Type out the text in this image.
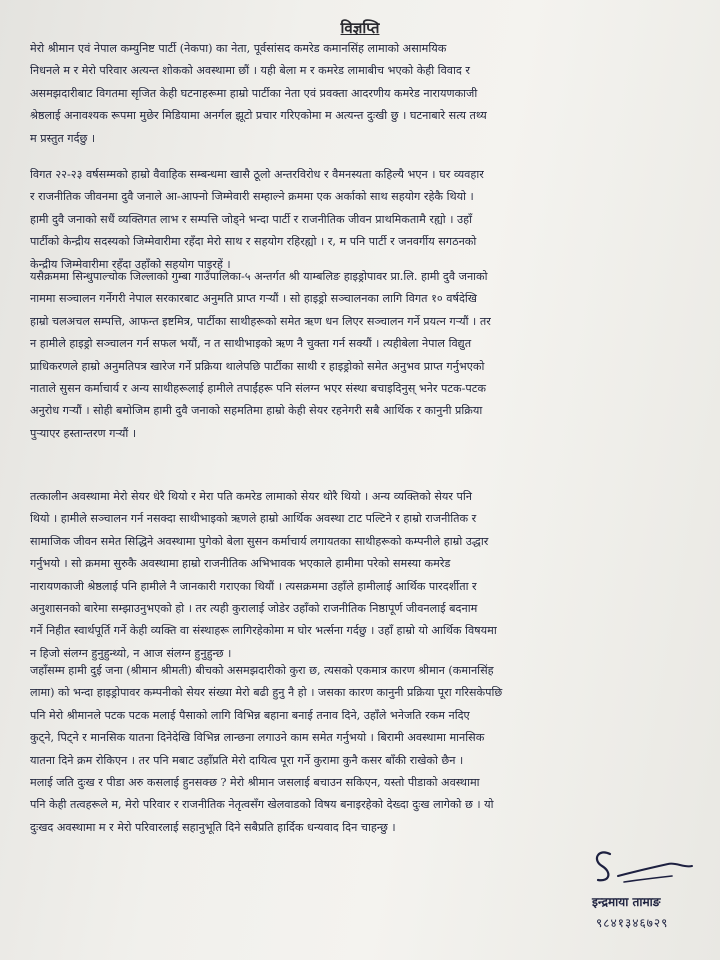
विज्ञप्ति
मेरो श्रीमान एवं नेपाल कम्युनिष्ट पार्टी (नेकपा) का नेता, पूर्वसांसद कमरेड कमानसिंह लामाको असामयिक
निधनले म र मेरो परिवार अत्यन्त शोकको अवस्थामा छौं । यही बेला म र कमरेड लामाबीच भएको केही विवाद र
असमझदारीबाट विगतमा सृजित केही घटनाहरूमा हाम्रो पार्टीका नेता एवं प्रवक्ता आदरणीय कमरेड नारायणकाजी
श्रेष्ठलाई अनावश्यक रूपमा मुछेर मिडियामा अनर्गल झूटो प्रचार गरिएकोमा म अत्यन्त दुःखी छु । घटनाबारे सत्य तथ्य
म प्रस्तुत गर्दछु ।
विगत २२-२३ वर्षसम्मको हाम्रो वैवाहिक सम्बन्धमा खासै ठूलो अन्तरविरोध र वैमनस्यता कहिल्यै भएन । घर व्यवहार
र राजनीतिक जीवनमा दुवै जनाले आ-आफ्नो जिम्मेवारी सम्हाल्ने क्रममा एक अर्काको साथ सहयोग रहेकै थियो ।
हामी दुवै जनाको सधैं व्यक्तिगत लाभ र सम्पत्ति जोड्ने भन्दा पार्टी र राजनीतिक जीवन प्राथमिकतामै रह्यो । उहाँ
पार्टीको केन्द्रीय सदस्यको जिम्मेवारीमा रहँदा मेरो साथ र सहयोग रहिरह्यो । र, म पनि पार्टी र जनवर्गीय सगठनको
केन्द्रीय जिम्मेवारीमा रहँदा उहाँको सहयोग पाइरहें ।
यसैक्रममा सिन्धुपाल्चोक जिल्लाको गुम्बा गाउँपालिका-५ अन्तर्गत श्री याम्बलिङ हाइड्रोपावर प्रा.लि. हामी दुवै जनाको
नाममा सञ्चालन गर्नेगरी नेपाल सरकारबाट अनुमति प्राप्त गर्‍यौं । सो हाइड्रो सञ्चालनका लागि विगत १० वर्षदेखि
हाम्रो चलअचल सम्पत्ति, आफन्त इष्टमित्र, पार्टीका साथीहरूको समेत ऋण धन लिएर सञ्चालन गर्ने प्रयत्न गर्‍यौं । तर
न हामीले हाइड्रो सञ्चालन गर्न सफल भयौं, न त साथीभाइको ऋण नै चुक्ता गर्न सक्यौं । त्यहीबेला नेपाल विद्युत
प्राधिकरणले हाम्रो अनुमतिपत्र खारेज गर्ने प्रक्रिया थालेपछि पार्टीका साथी र हाइड्रोको समेत अनुभव प्राप्त गर्नुभएको
नाताले सुसन कर्माचार्य र अन्य साथीहरूलाई हामीले तपाईंहरू पनि संलग्न भएर संस्था बचाइदिनुस् भनेर पटक-पटक
अनुरोध गर्‍यौं । सोही बमोजिम हामी दुवै जनाको सहमतिमा हाम्रो केही सेयर रहनेगरी सबै आर्थिक र कानुनी प्रक्रिया
पुर्‍याएर हस्तान्तरण गर्‍यौं ।
तत्कालीन अवस्थामा मेरो सेयर धेरै थियो र मेरा पति कमरेड लामाको सेयर थोरै थियो । अन्य व्यक्तिको सेयर पनि
थियो । हामीले सञ्चालन गर्न नसक्दा साथीभाइको ऋणले हाम्रो आर्थिक अवस्था टाट पल्टिने र हाम्रो राजनीतिक र
सामाजिक जीवन समेत सिद्धिने अवस्थामा पुगेको बेला सुसन कर्माचार्य लगायतका साथीहरूको कम्पनीले हाम्रो उद्धार
गर्नुभयो । सो क्रममा सुरुकै अवस्थामा हाम्रो राजनीतिक अभिभावक भएकाले हामीमा परेको समस्या कमरेड
नारायणकाजी श्रेष्ठलाई पनि हामीले नै जानकारी गराएका थियौं । त्यसक्रममा उहाँले हामीलाई आर्थिक पारदर्शीता र
अनुशासनको बारेमा सम्झाउनुभएको हो । तर त्यही कुरालाई जोडेर उहाँको राजनीतिक निष्ठापूर्ण जीवनलाई बदनाम
गर्ने निहीत स्वार्थपूर्ति गर्ने केही व्यक्ति वा संस्थाहरू लागिरहेकोमा म घोर भर्त्सना गर्दछु । उहाँ हाम्रो यो आर्थिक विषयमा
न हिजो संलग्न हुनुहुन्थ्यो, न आज संलग्न हुनुहुन्छ ।
जहाँसम्म हामी दुई जना (श्रीमान श्रीमती) बीचको असमझदारीको कुरा छ, त्यसको एकमात्र कारण श्रीमान (कमानसिंह
लामा) को भन्दा हाइड्रोपावर कम्पनीको सेयर संख्या मेरो बढी हुनु नै हो । जसका कारण कानुनी प्रक्रिया पूरा गरिसकेपछि
पनि मेरो श्रीमानले पटक पटक मलाई पैसाको लागि विभिन्न बहाना बनाई तनाव दिने, उहाँले भनेजति रकम नदिए
कुट्ने, पिट्ने र मानसिक यातना दिनेदेखि विभिन्न लान्छना लगाउने काम समेत गर्नुभयो । बिरामी अवस्थामा मानसिक
यातना दिने क्रम रोकिएन । तर पनि मबाट उहाँप्रति मेरो दायित्व पूरा गर्ने कुरामा कुनै कसर बाँकी राखेको छैन ।
मलाई जति दुःख र पीडा अरु कसलाई हुनसक्छ ? मेरो श्रीमान जसलाई बचाउन सकिएन, यस्तो पीडाको अवस्थामा
पनि केही तत्वहरूले म, मेरो परिवार र राजनीतिक नेतृत्वसँग खेलवाडको विषय बनाइरहेको देख्दा दुःख लागेको छ । यो
दुःखद अवस्थामा म र मेरो परिवारलाई सहानुभूति दिने सबैप्रति हार्दिक धन्यवाद दिन चाहन्छु ।
इन्द्रमाया तामाङ
९८४१३४६७२९
